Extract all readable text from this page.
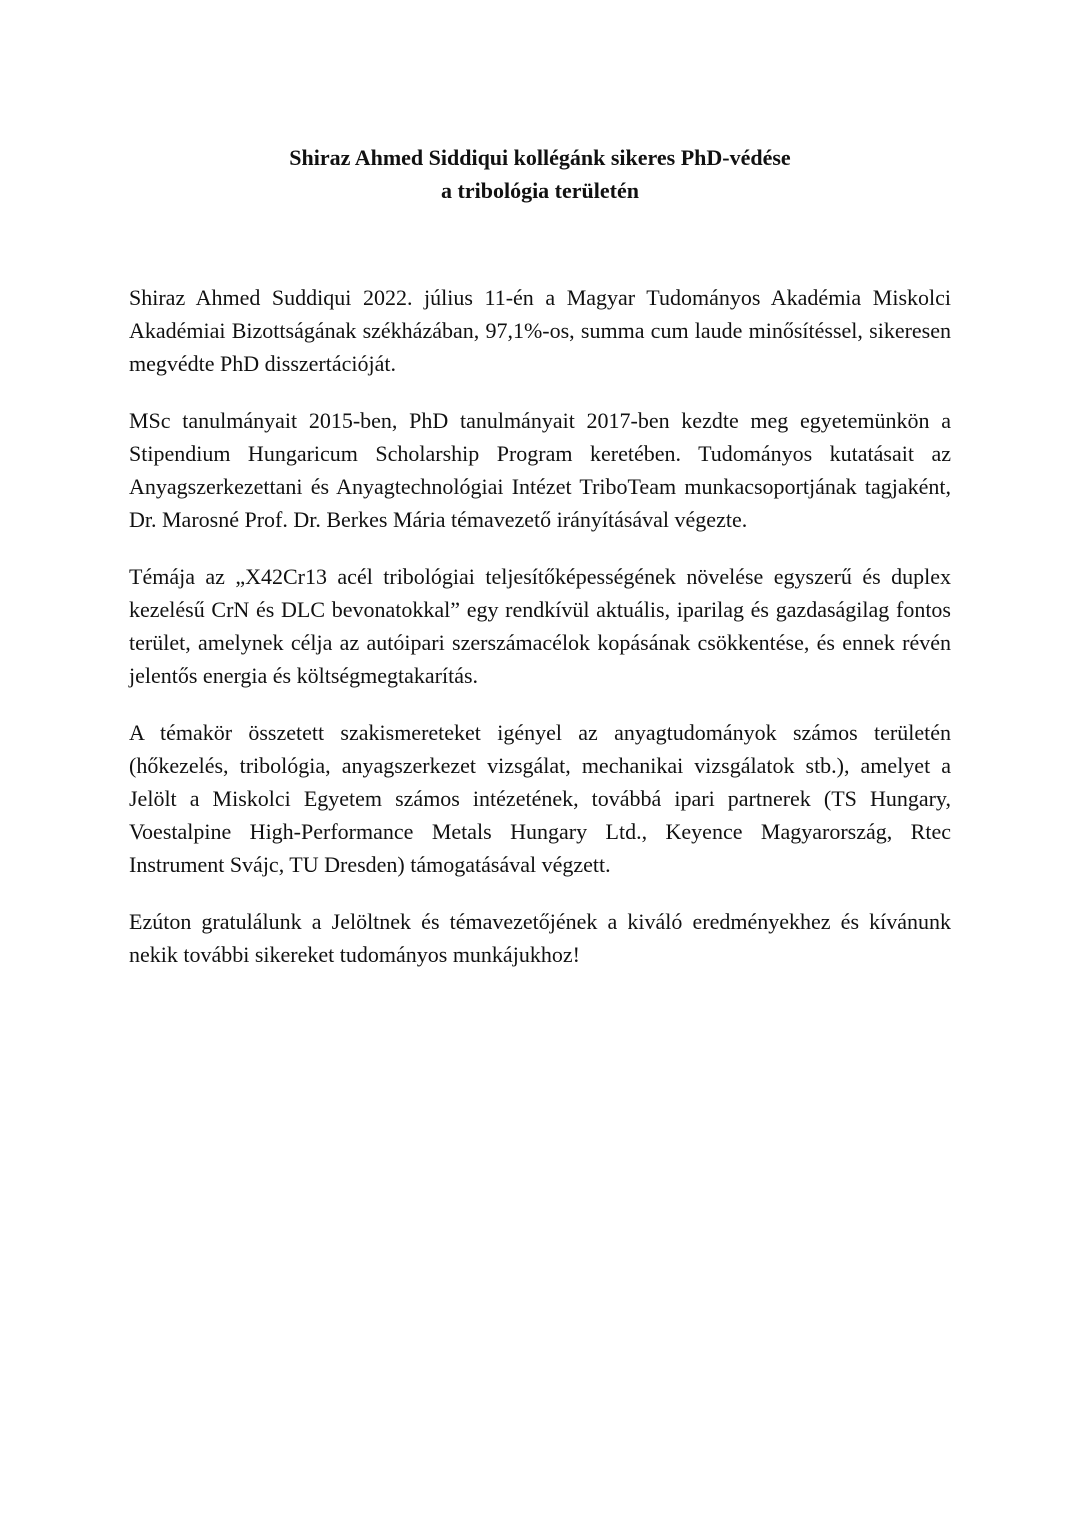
Shiraz Ahmed Siddiqui kollégánk sikeres PhD-védése
a tribológia területén

Shiraz Ahmed Suddiqui 2022. július 11-én a Magyar Tudományos Akadémia Miskolci Akadémiai Bizottságának székházában, 97,1%-os, summa cum laude minősítéssel, sikeresen megvédte PhD disszertációját.

MSc tanulmányait 2015-ben, PhD tanulmányait 2017-ben kezdte meg egyetemünkön a Stipendium Hungaricum Scholarship Program keretében. Tudományos kutatásait az Anyagszerkezettani és Anyagtechnológiai Intézet TriboTeam munkacsoportjának tagjaként, Dr. Marosné Prof. Dr. Berkes Mária témavezető irányításával végezte.

Témája az „X42Cr13 acél tribológiai teljesítőképességének növelése egyszerű és duplex kezelésű CrN és DLC bevonatokkal” egy rendkívül aktuális, iparilag és gazdaságilag fontos terület, amelynek célja az autóipari szerszámacélok kopásának csökkentése, és ennek révén jelentős energia és költségmegtakarítás.

A témakör összetett szakismereteket igényel az anyagtudományok számos területén (hőkezelés, tribológia, anyagszerkezet vizsgálat, mechanikai vizsgálatok stb.), amelyet a Jelölt a Miskolci Egyetem számos intézetének, továbbá ipari partnerek (TS Hungary, Voestalpine High-Performance Metals Hungary Ltd., Keyence Magyarország, Rtec Instrument Svájc, TU Dresden) támogatásával végzett.

Ezúton gratulálunk a Jelöltnek és témavezetőjének a kiváló eredményekhez és kívánunk nekik további sikereket tudományos munkájukhoz!
